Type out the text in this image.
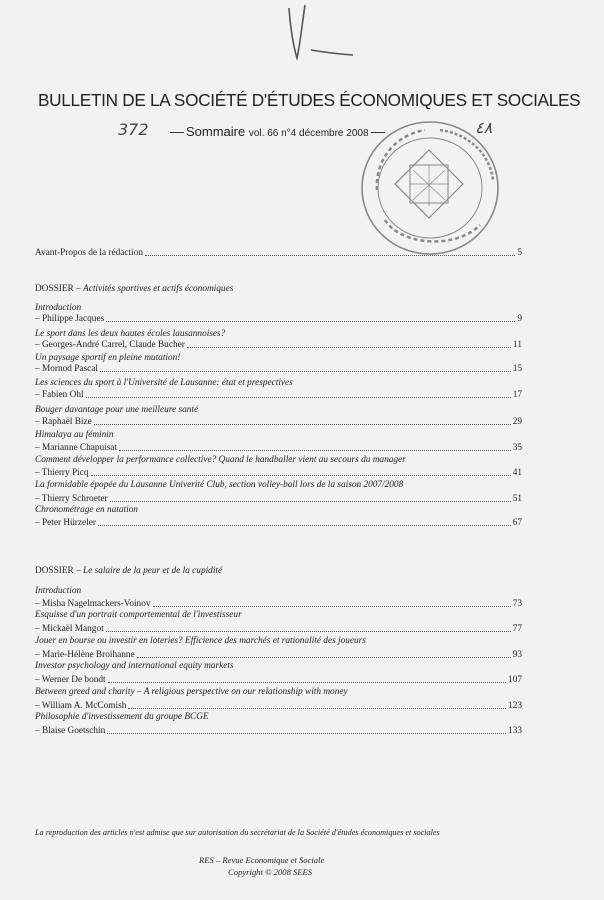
BULLETIN DE LA SOCIÉTÉ D'ÉTUDES ÉCONOMIQUES ET SOCIALES
372	Sommaire vol. 66 n°4 décembre 2008	٤٨
Avant-Propos de la rédaction	5
DOSSIER – Activités sportives et actifs économiques
Introduction
– Philippe Jacques	9
Le sport dans les deux hautes écoles lausannoises?
– Georges-André Carrel, Claude Bucher	11
Un paysage sportif en pleine mutation!
– Mornod Pascal	15
Les sciences du sport à l'Université de Lausanne: état et prespectives
– Fabien Ohl	17
Bouger davantage pour une meilleure santé
– Raphaël Bize	29
Himalaya au féminin
– Marianne Chapuisat	35
Comment développer la performance collective? Quand le handballer vient au secours du manager
– Thierry Picq	41
La formidable épopée du Lausanne Univerité Club, section volley-ball lors de la saison 2007/2008
– Thierry Schroeter	51
Chronométrage en natation
– Peter Hürzeler	67
DOSSIER – Le salaire de la peur et de la cupidité
Introduction
– Misha Nagelmackers-Voinov	73
Esquisse d'un portrait comportemental de l'investisseur
– Mickaël Mangot	77
Jouer en bourse ou investir en loteries? Efficience des marchés et rationalité des joueurs
– Marie-Hélène Broihanne	93
Investor psychology and international equity markets
– Werner De bondt	107
Between greed and charity – A religious perspective on our relationship with money
– William A. McComish	123
Philosophie d'investissement du groupe BCGE
– Blaise Goetschin	133
La reproduction des articles n'est admise que sur autorisation du secrétariat de la Société d'études économiques et sociales
RES – Revue Economique et Sociale
Copyright © 2008 SEES
